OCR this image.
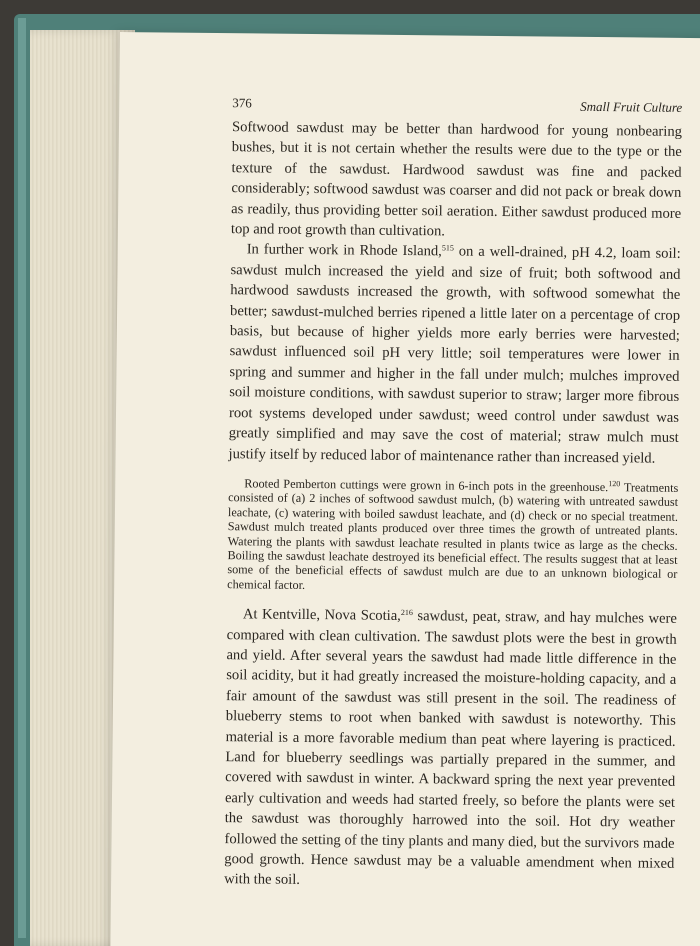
376	Small Fruit Culture

Softwood sawdust may be better than hardwood for young nonbearing bushes, but it is not certain whether the results were due to the type or the texture of the sawdust. Hardwood sawdust was fine and packed considerably; softwood sawdust was coarser and did not pack or break down as readily, thus providing better soil aeration. Either sawdust produced more top and root growth than cultivation.

In further work in Rhode Island,$^{515}$ on a well-drained, pH 4.2, loam soil: sawdust mulch increased the yield and size of fruit; both softwood and hardwood sawdusts increased the growth, with softwood somewhat the better; sawdust-mulched berries ripened a little later on a percentage of crop basis, but because of higher yields more early berries were harvested; sawdust influenced soil pH very little; soil temperatures were lower in spring and summer and higher in the fall under mulch; mulches improved soil moisture conditions, with sawdust superior to straw; larger more fibrous root systems developed under sawdust; weed control under sawdust was greatly simplified and may save the cost of material; straw mulch must justify itself by reduced labor of maintenance rather than increased yield.

Rooted Pemberton cuttings were grown in 6-inch pots in the greenhouse.$^{120}$ Treatments consisted of (a) 2 inches of softwood sawdust mulch, (b) watering with untreated sawdust leachate, (c) watering with boiled sawdust leachate, and (d) check or no special treatment. Sawdust mulch treated plants produced over three times the growth of untreated plants. Watering the plants with sawdust leachate resulted in plants twice as large as the checks. Boiling the sawdust leachate destroyed its beneficial effect. The results suggest that at least some of the beneficial effects of sawdust mulch are due to an unknown biological or chemical factor.

At Kentville, Nova Scotia,$^{216}$ sawdust, peat, straw, and hay mulches were compared with clean cultivation. The sawdust plots were the best in growth and yield. After several years the sawdust had made little difference in the soil acidity, but it had greatly increased the moisture-holding capacity, and a fair amount of the sawdust was still present in the soil. The readiness of blueberry stems to root when banked with sawdust is noteworthy. This material is a more favorable medium than peat where layering is practiced. Land for blueberry seedlings was partially prepared in the summer, and covered with sawdust in winter. A backward spring the next year prevented early cultivation and weeds had started freely, so before the plants were set the sawdust was thoroughly harrowed into the soil. Hot dry weather followed the setting of the tiny plants and many died, but the survivors made good growth. Hence sawdust may be a valuable amendment when mixed with the soil.
